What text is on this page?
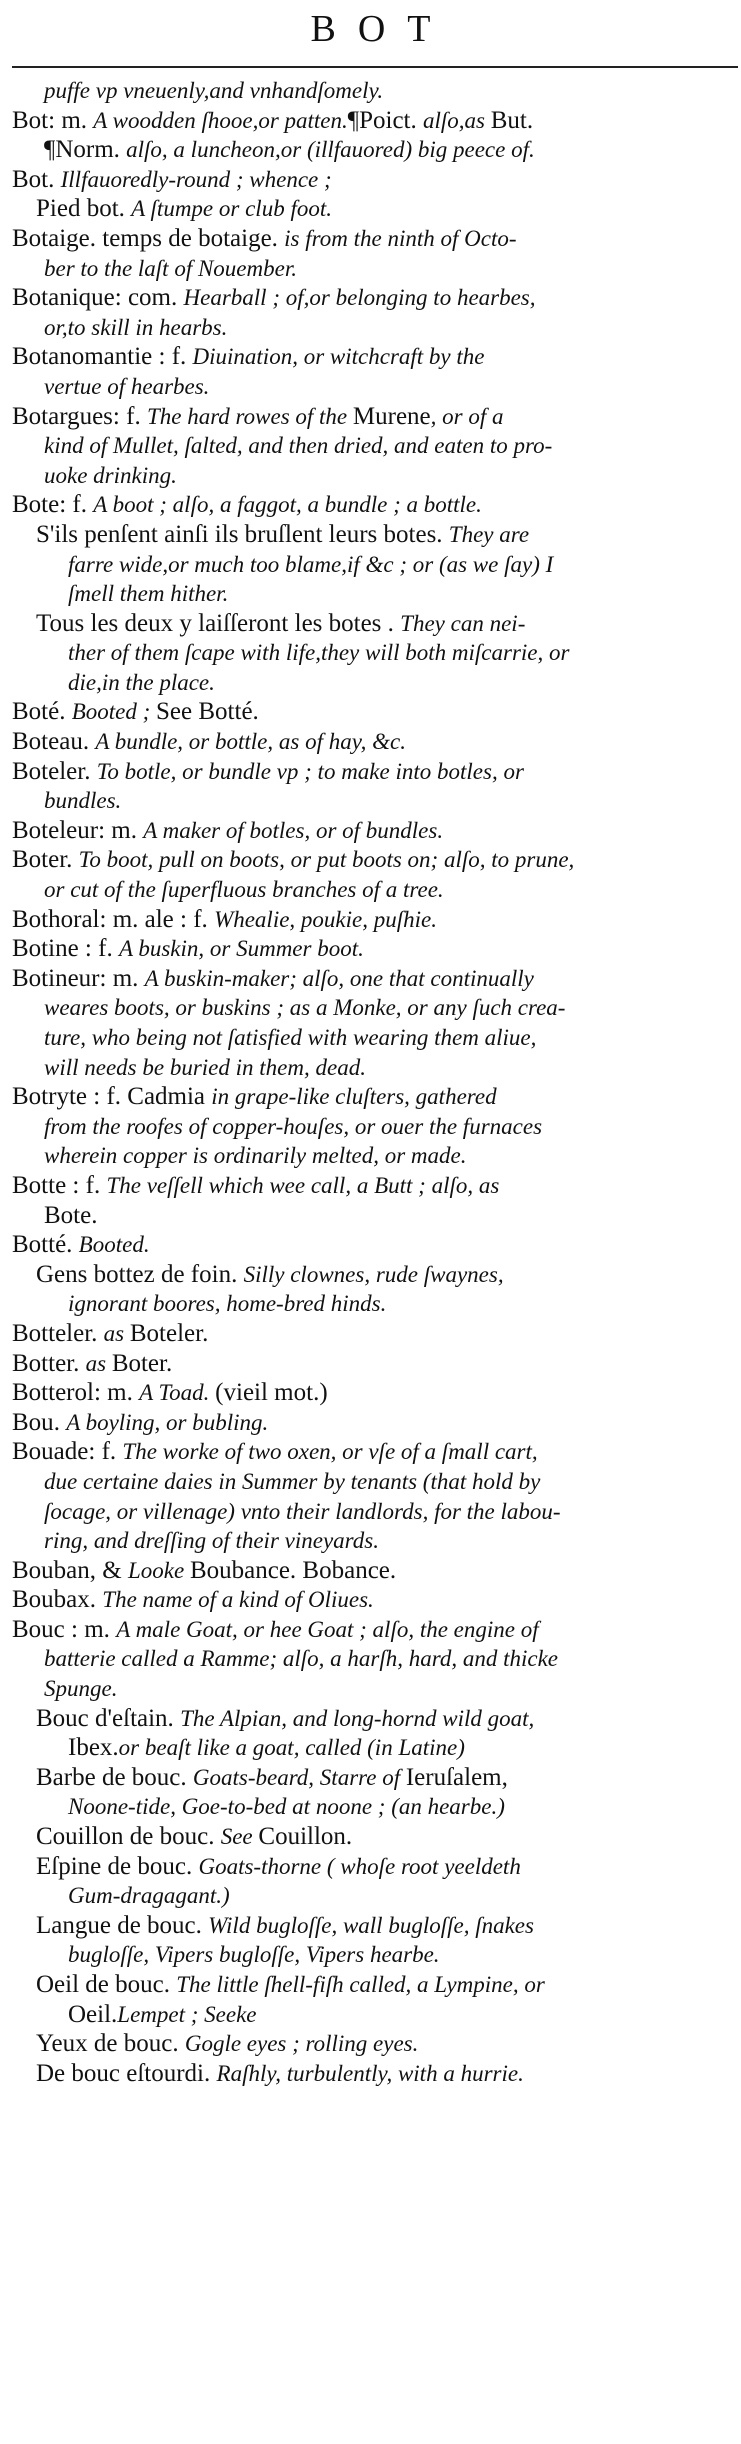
BOT
puffe vp vneuenly,and vnhandſomely.
Bot: m. A woodden ſhooe,or patten.¶Poict. alſo,as But.
¶Norm. alſo, a luncheon,or (illfauored) big peece of.
Bot. Illfauoredly-round ; whence ;
Pied bot. A ſtumpe or club foot.
Botaige. temps de botaige. is from the ninth of Octo-
ber to the laſt of Nouember.
Botanique: com. Hearball ; of,or belonging to hearbes,
or,to skill in hearbs.
Botanomantie : f. Diuination, or witchcraft by the
vertue of hearbes.
Botargues: f. The hard rowes of the Murene, or of a
kind of Mullet, ſalted, and then dried, and eaten to pro-
uoke drinking.
Bote: f. A boot ; alſo, a faggot, a bundle ; a bottle.
S'ils penſent ainſi ils bruſlent leurs botes. They are
farre wide,or much too blame,if &c ; or (as we ſay) I
ſmell them hither.
Tous les deux y laiſſeront les botes . They can nei-
ther of them ſcape with life,they will both miſcarrie, or
die,in the place.
Boté. Booted ; See Botté.
Boteau. A bundle, or bottle, as of hay, &c.
Boteler. To botle, or bundle vp ; to make into botles, or
bundles.
Boteleur: m. A maker of botles, or of bundles.
Boter. To boot, pull on boots, or put boots on; alſo, to prune,
or cut of the ſuperfluous branches of a tree.
Bothoral: m. ale : f. Whealie, poukie, puſhie.
Botine : f. A buskin, or Summer boot.
Botineur: m. A buskin-maker; alſo, one that continually
weares boots, or buskins ; as a Monke, or any ſuch crea-
ture, who being not ſatisfied with wearing them aliue,
will needs be buried in them, dead.
Botryte : f. Cadmia in grape-like cluſters, gathered
from the roofes of copper-houſes, or ouer the furnaces
wherein copper is ordinarily melted, or made.
Botte : f. The veſſell which wee call, a Butt ; alſo, as
Bote.
Botté. Booted.
Gens bottez de foin. Silly clownes, rude ſwaynes,
ignorant boores, home-bred hinds.
Botteler. as Boteler.
Botter. as Boter.
Botterol: m. A Toad. (vieil mot.)
Bou. A boyling, or bubling.
Bouade: f. The worke of two oxen, or vſe of a ſmall cart,
due certaine daies in Summer by tenants (that hold by
ſocage, or villenage) vnto their landlords, for the labou-
ring, and dreſſing of their vineyards.
Bouban, & Looke Boubance. Bobance.
Boubax. The name of a kind of Oliues.
Bouc : m. A male Goat, or hee Goat ; alſo, the engine of
batterie called a Ramme; alſo, a harſh, hard, and thicke
Spunge.
Bouc d'eſtain. The Alpian, and long-hornd wild goat,
Ibex.or beaſt like a goat, called (in Latine)
Barbe de bouc. Goats-beard, Starre of Ieruſalem,
Noone-tide, Goe-to-bed at noone ; (an hearbe.)
Couillon de bouc. See Couillon.
Eſpine de bouc. Goats-thorne ( whoſe root yeeldeth
Gum-dragagant.)
Langue de bouc. Wild bugloſſe, wall bugloſſe, ſnakes
bugloſſe, Vipers bugloſſe, Vipers hearbe.
Oeil de bouc. The little ſhell-fiſh called, a Lympine, or
Oeil.Lempet ; Seeke
Yeux de bouc. Gogle eyes ; rolling eyes.
De bouc eſtourdi. Raſhly, turbulently, with a hurrie.
